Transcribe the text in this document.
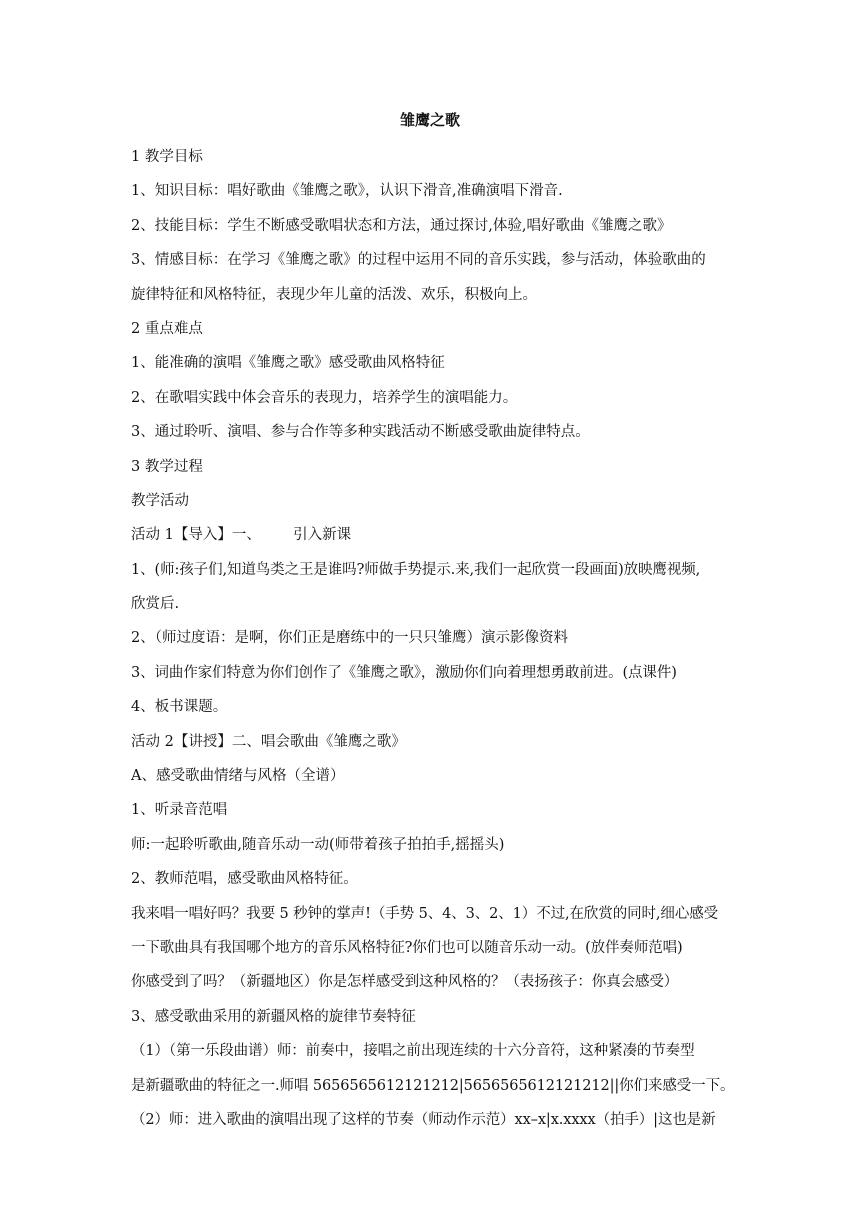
雏鹰之歌
1 教学目标
1、知识目标：唱好歌曲《雏鹰之歌》，认识下滑音,准确演唱下滑音.
2、技能目标：学生不断感受歌唱状态和方法，通过探讨,体验,唱好歌曲《雏鹰之歌》
3、情感目标：在学习《雏鹰之歌》的过程中运用不同的音乐实践，参与活动，体验歌曲的
旋律特征和风格特征，表现少年儿童的活泼、欢乐，积极向上。
2 重点难点
1、能准确的演唱《雏鹰之歌》感受歌曲风格特征
2、在歌唱实践中体会音乐的表现力，培养学生的演唱能力。
3、通过聆听、演唱、参与合作等多种实践活动不断感受歌曲旋律特点。
3 教学过程
教学活动
活动 1【导入】一、       引入新课
1、(师:孩子们,知道鸟类之王是谁吗?师做手势提示.来,我们一起欣赏一段画面)放映鹰视频,
欣赏后.
2、（师过度语：是啊，你们正是磨练中的一只只雏鹰）演示影像资料
3、词曲作家们特意为你们创作了《雏鹰之歌》，激励你们向着理想勇敢前进。(点课件)
4、板书课题。
活动 2【讲授】二、唱会歌曲《雏鹰之歌》
A、感受歌曲情绪与风格（全谱）
1、听录音范唱
师:一起聆听歌曲,随音乐动一动(师带着孩子拍拍手,摇摇头)
2、教师范唱，感受歌曲风格特征。
我来唱一唱好吗？我要 5 秒钟的掌声!（手势 5、4、3、2、1）不过,在欣赏的同时,细心感受
一下歌曲具有我国哪个地方的音乐风格特征?你们也可以随音乐动一动。(放伴奏师范唱)
你感受到了吗？（新疆地区）你是怎样感受到这种风格的？（表扬孩子：你真会感受）
3、感受歌曲采用的新疆风格的旋律节奏特征
（1）（第一乐段曲谱）师：前奏中，接唱之前出现连续的十六分音符，这种紧凑的节奏型
是新疆歌曲的特征之一.师唱 5656565612121212|5656565612121212||你们来感受一下。
（2）师：进入歌曲的演唱出现了这样的节奏（师动作示范）xx–x|x.xxxx（拍手）|这也是新
